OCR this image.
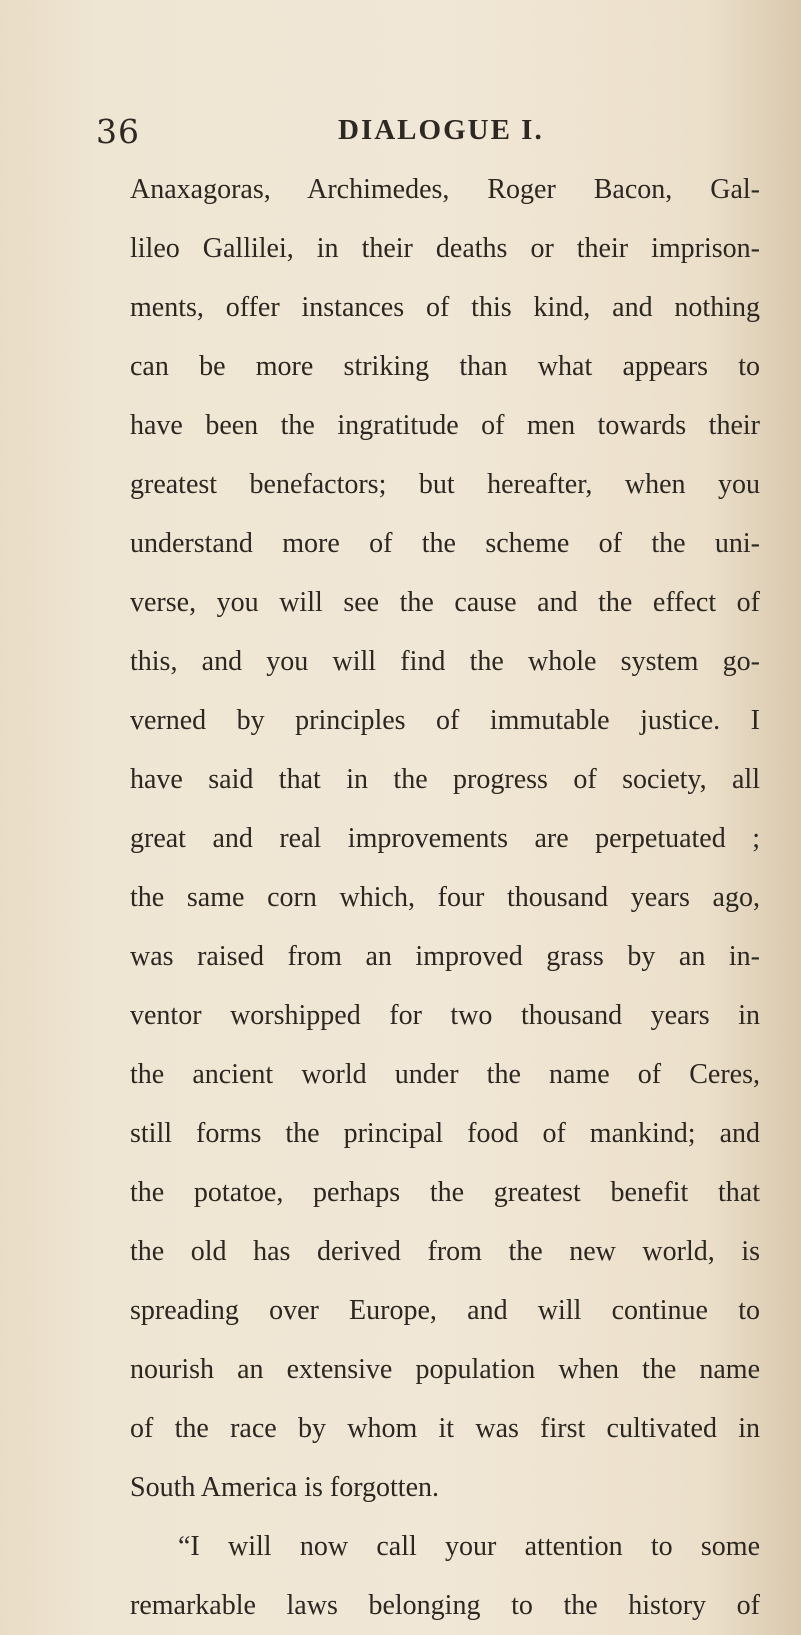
36	DIALOGUE I.
Anaxagoras, Archimedes, Roger Bacon, Gal-
lileo Gallilei, in their deaths or their imprison-
ments, offer instances of this kind, and nothing
can be more striking than what appears to
have been the ingratitude of men towards their
greatest benefactors; but hereafter, when you
understand more of the scheme of the uni-
verse, you will see the cause and the effect of
this, and you will find the whole system go-
verned by principles of immutable justice. I
have said that in the progress of society, all
great and real improvements are perpetuated ;
the same corn which, four thousand years ago,
was raised from an improved grass by an in-
ventor worshipped for two thousand years in
the ancient world under the name of Ceres,
still forms the principal food of mankind; and
the potatoe, perhaps the greatest benefit that
the old has derived from the new world, is
spreading over Europe, and will continue to
nourish an extensive population when the name
of the race by whom it was first cultivated in
South America is forgotten.
“I will now call your attention to some
remarkable laws belonging to the history of
